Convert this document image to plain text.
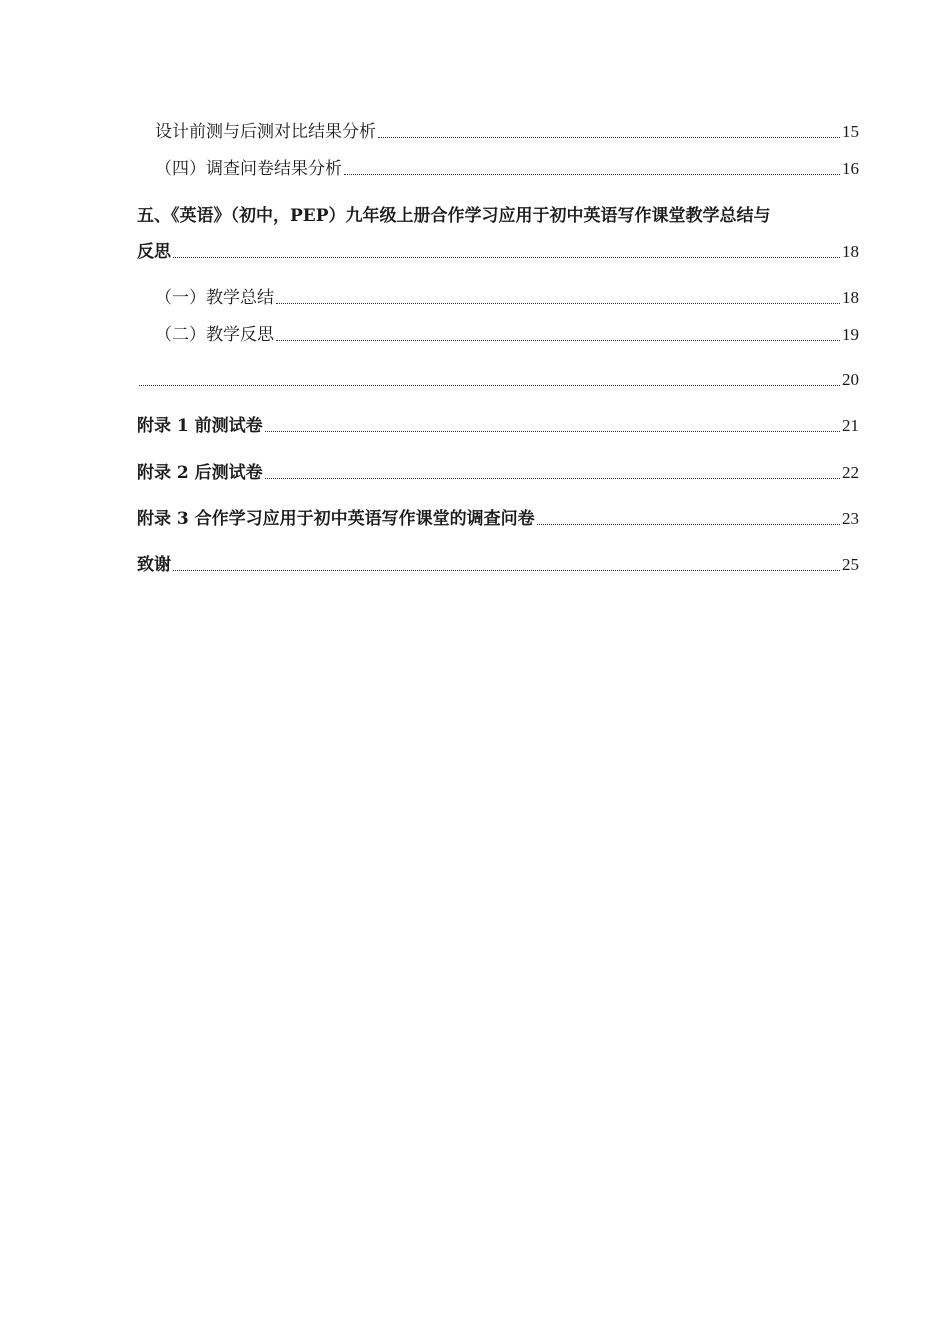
设计前测与后测对比结果分析	15
（四）调查问卷结果分析	16
五、《英语》（初中，PEP）九年级上册合作学习应用于初中英语写作课堂教学总结与
反思	18
（一）教学总结	18
（二）教学反思	19
20
附录 1 前测试卷	21
附录 2 后测试卷	22
附录 3 合作学习应用于初中英语写作课堂的调查问卷	23
致谢	25
